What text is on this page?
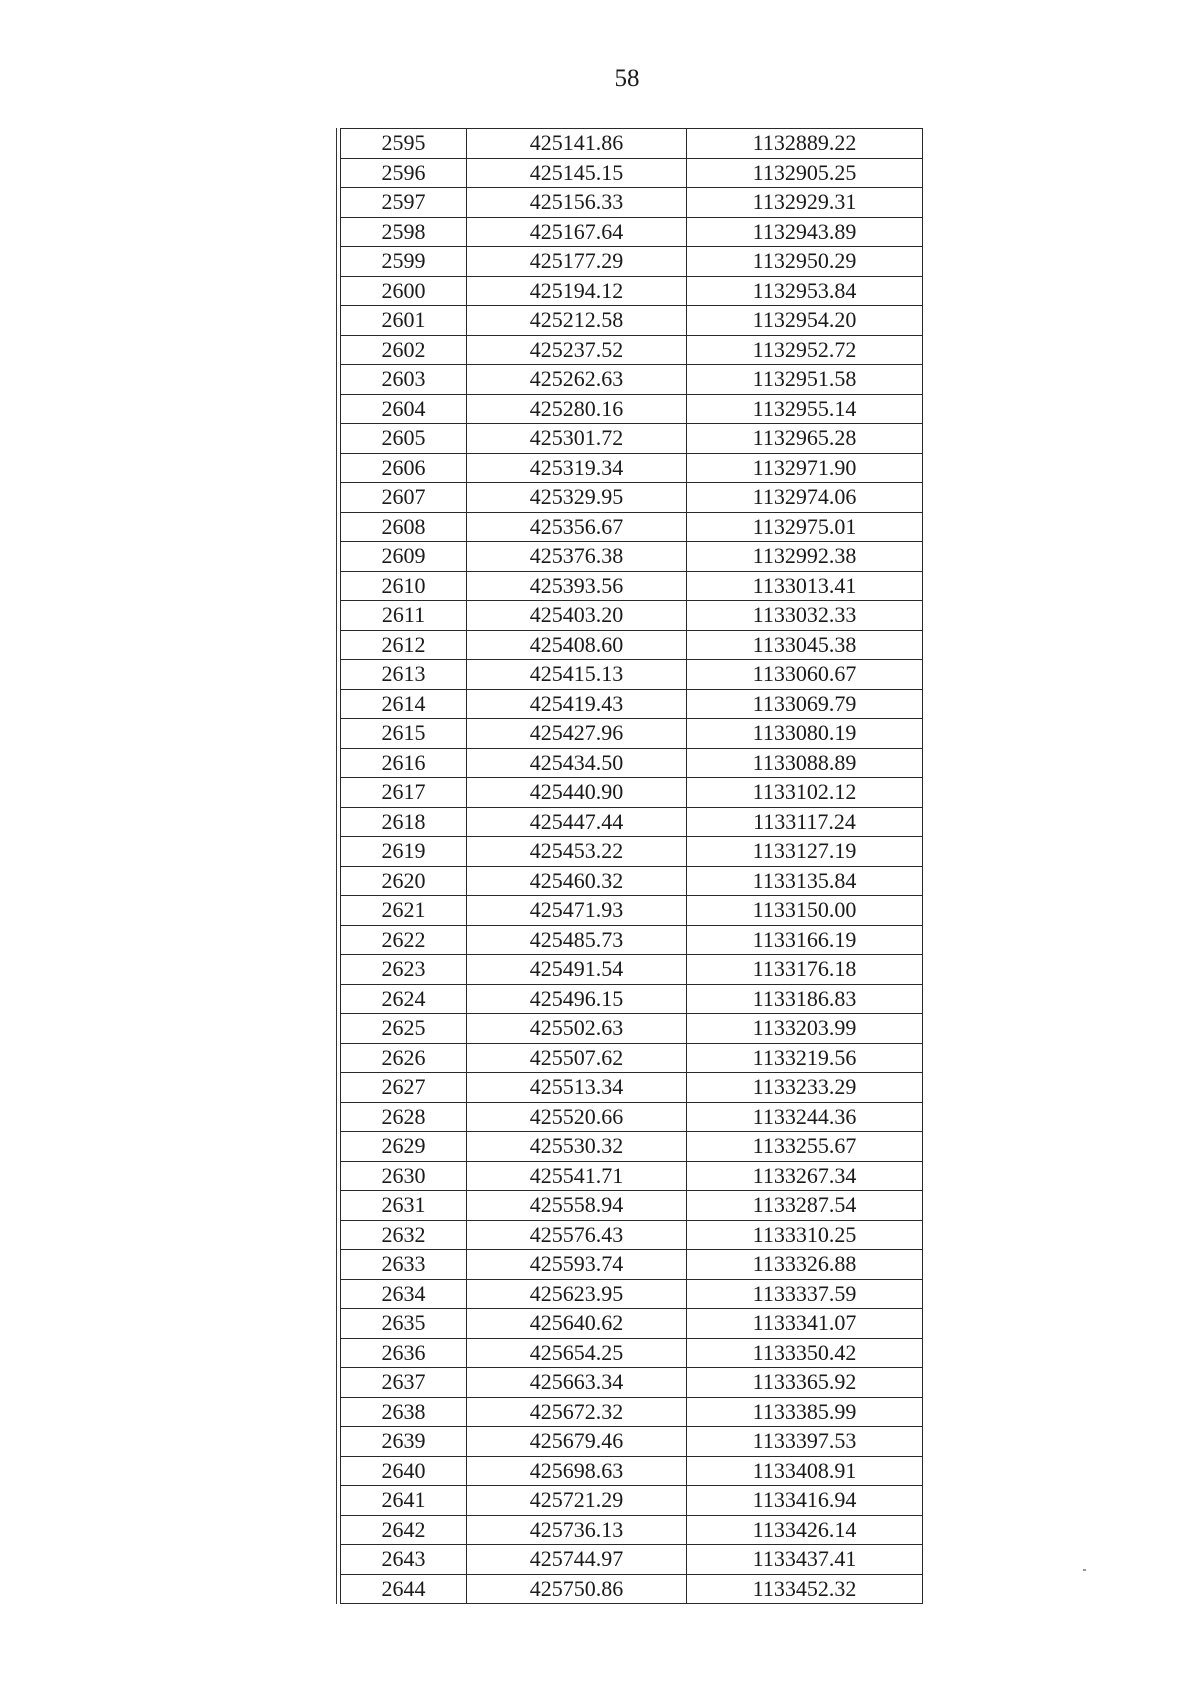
58
2595	425141.86	1132889.22
2596	425145.15	1132905.25
2597	425156.33	1132929.31
2598	425167.64	1132943.89
2599	425177.29	1132950.29
2600	425194.12	1132953.84
2601	425212.58	1132954.20
2602	425237.52	1132952.72
2603	425262.63	1132951.58
2604	425280.16	1132955.14
2605	425301.72	1132965.28
2606	425319.34	1132971.90
2607	425329.95	1132974.06
2608	425356.67	1132975.01
2609	425376.38	1132992.38
2610	425393.56	1133013.41
2611	425403.20	1133032.33
2612	425408.60	1133045.38
2613	425415.13	1133060.67
2614	425419.43	1133069.79
2615	425427.96	1133080.19
2616	425434.50	1133088.89
2617	425440.90	1133102.12
2618	425447.44	1133117.24
2619	425453.22	1133127.19
2620	425460.32	1133135.84
2621	425471.93	1133150.00
2622	425485.73	1133166.19
2623	425491.54	1133176.18
2624	425496.15	1133186.83
2625	425502.63	1133203.99
2626	425507.62	1133219.56
2627	425513.34	1133233.29
2628	425520.66	1133244.36
2629	425530.32	1133255.67
2630	425541.71	1133267.34
2631	425558.94	1133287.54
2632	425576.43	1133310.25
2633	425593.74	1133326.88
2634	425623.95	1133337.59
2635	425640.62	1133341.07
2636	425654.25	1133350.42
2637	425663.34	1133365.92
2638	425672.32	1133385.99
2639	425679.46	1133397.53
2640	425698.63	1133408.91
2641	425721.29	1133416.94
2642	425736.13	1133426.14
2643	425744.97	1133437.41
2644	425750.86	1133452.32
